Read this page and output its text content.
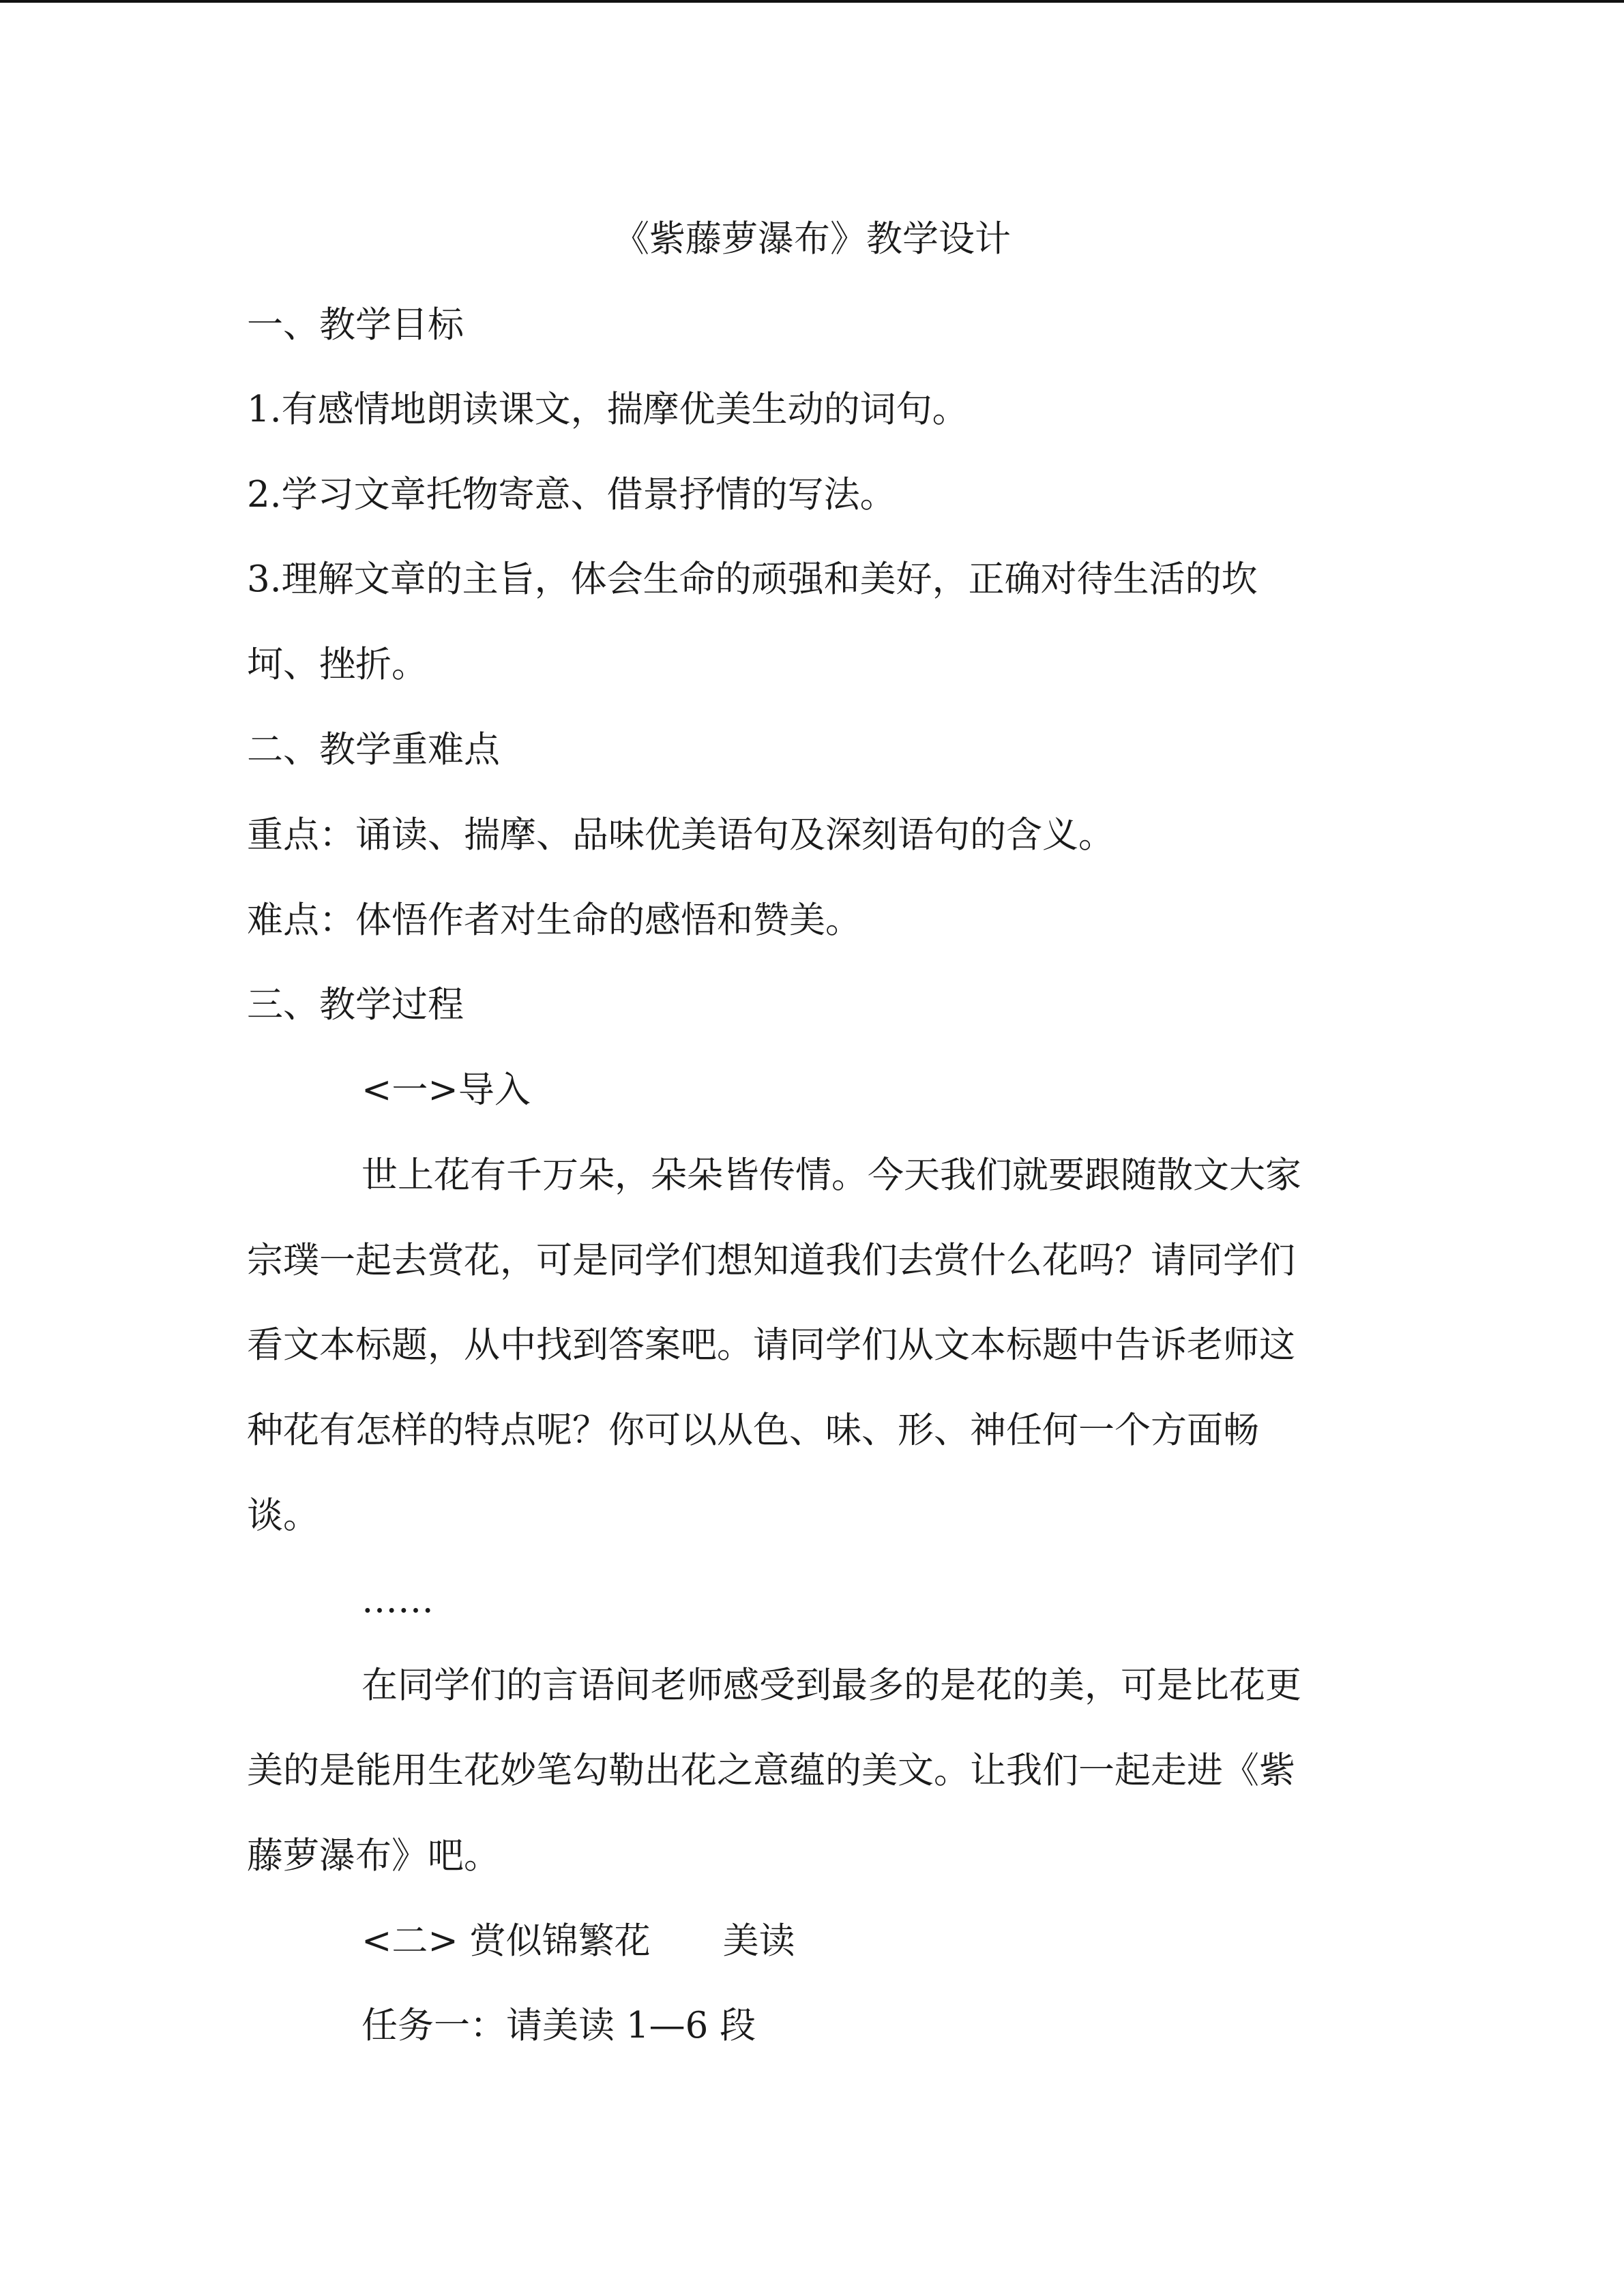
《紫藤萝瀑布》教学设计
一、教学目标
1.有感情地朗读课文，揣摩优美生动的词句。
2.学习文章托物寄意、借景抒情的写法。
3.理解文章的主旨，体会生命的顽强和美好，正确对待生活的坎
坷、挫折。
二、教学重难点
重点：诵读、揣摩、品味优美语句及深刻语句的含义。
难点：体悟作者对生命的感悟和赞美。
三、教学过程
<一>导入
世上花有千万朵，朵朵皆传情。今天我们就要跟随散文大家
宗璞一起去赏花，可是同学们想知道我们去赏什么花吗？请同学们
看文本标题，从中找到答案吧。请同学们从文本标题中告诉老师这
种花有怎样的特点呢？你可以从色、味、形、神任何一个方面畅
谈。
……
在同学们的言语间老师感受到最多的是花的美，可是比花更
美的是能用生花妙笔勾勒出花之意蕴的美文。让我们一起走进《紫
藤萝瀑布》吧。
<二> 赏似锦繁花　　美读
任务一：请美读 1—6 段
